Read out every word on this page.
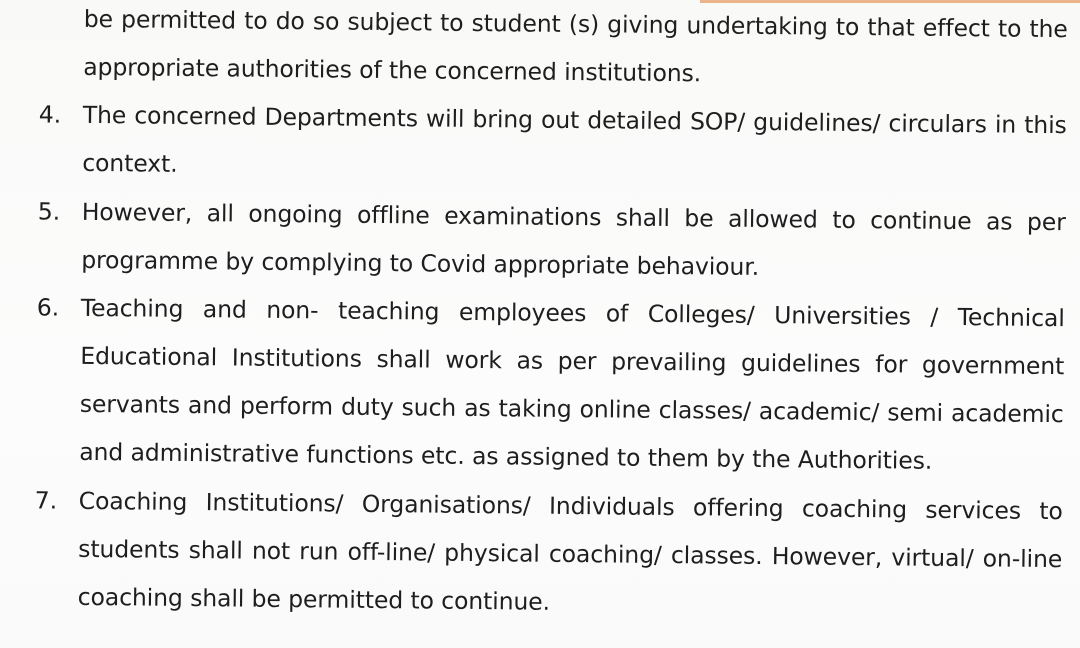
be permitted to do so subject to student (s) giving undertaking to that effect to the
appropriate authorities of the concerned institutions.
4. The concerned Departments will bring out detailed SOP/ guidelines/ circulars in this
context.
5. However, all ongoing offline examinations shall be allowed to continue as per
programme by complying to Covid appropriate behaviour.
6. Teaching and non- teaching employees of Colleges/ Universities / Technical
Educational Institutions shall work as per prevailing guidelines for government
servants and perform duty such as taking online classes/ academic/ semi academic
and administrative functions etc. as assigned to them by the Authorities.
7. Coaching Institutions/ Organisations/ Individuals offering coaching services to
students shall not run off-line/ physical coaching/ classes. However, virtual/ on-line
coaching shall be permitted to continue.
